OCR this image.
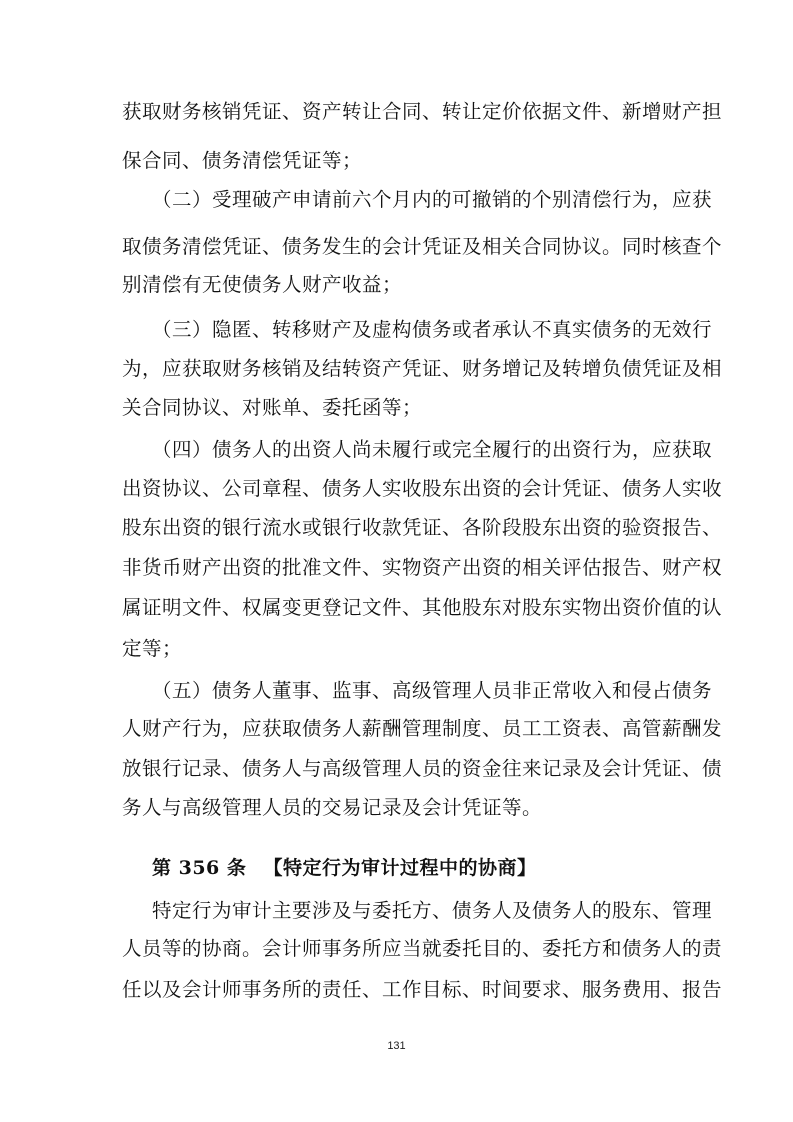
获取财务核销凭证、资产转让合同、转让定价依据文件、新增财产担
保合同、债务清偿凭证等；
（二）受理破产申请前六个月内的可撤销的个别清偿行为，应获
取债务清偿凭证、债务发生的会计凭证及相关合同协议。同时核查个
别清偿有无使债务人财产收益；
（三）隐匿、转移财产及虚构债务或者承认不真实债务的无效行
为，应获取财务核销及结转资产凭证、财务增记及转增负债凭证及相
关合同协议、对账单、委托函等；
（四）债务人的出资人尚未履行或完全履行的出资行为，应获取
出资协议、公司章程、债务人实收股东出资的会计凭证、债务人实收
股东出资的银行流水或银行收款凭证、各阶段股东出资的验资报告、
非货币财产出资的批准文件、实物资产出资的相关评估报告、财产权
属证明文件、权属变更登记文件、其他股东对股东实物出资价值的认
定等；
（五）债务人董事、监事、高级管理人员非正常收入和侵占债务
人财产行为，应获取债务人薪酬管理制度、员工工资表、高管薪酬发
放银行记录、债务人与高级管理人员的资金往来记录及会计凭证、债
务人与高级管理人员的交易记录及会计凭证等。
第 356 条 【特定行为审计过程中的协商】
特定行为审计主要涉及与委托方、债务人及债务人的股东、管理
人员等的协商。会计师事务所应当就委托目的、委托方和债务人的责
任以及会计师事务所的责任、工作目标、时间要求、服务费用、报告
131
